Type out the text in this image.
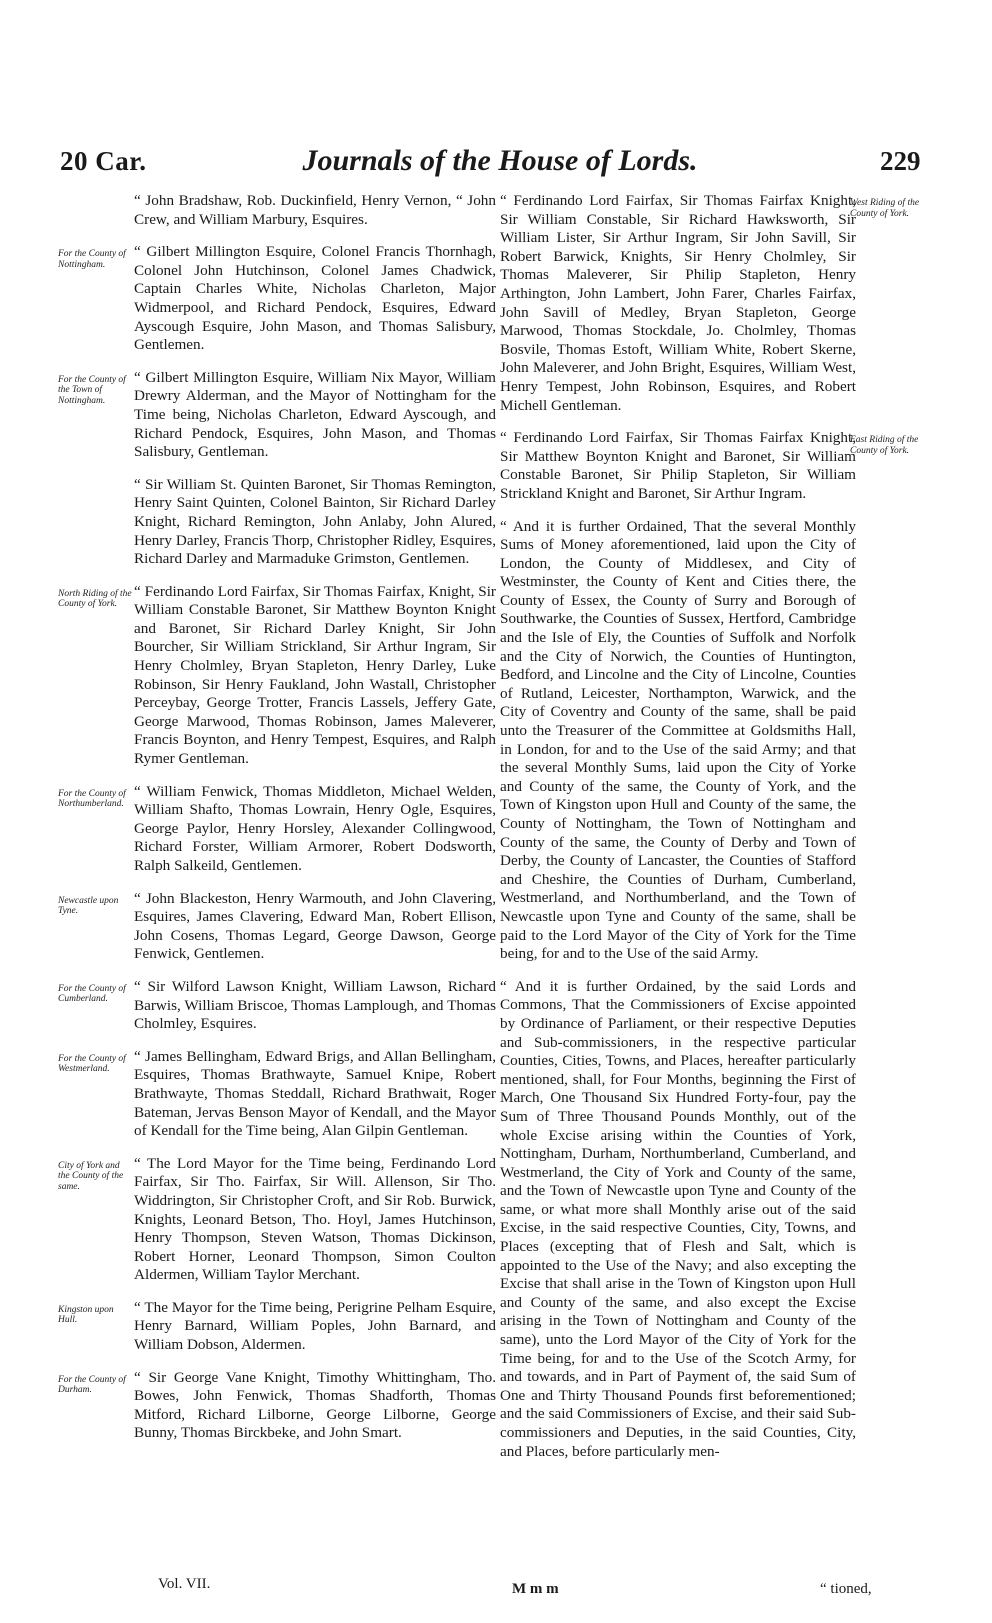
20 Car.	Journals of the House of Lords.	229
“ John Bradshaw, Rob. Duckinfield, Henry Vernon, “ John Crew, and William Marbury, Esquires.
For the County of Nottingham.
“ Gilbert Millington Esquire, Colonel Francis Thornhagh, Colonel John Hutchinson, Colonel James Chadwick, Captain Charles White, Nicholas Charleton, Major Widmerpool, and Richard Pendock, Esquires, Edward Ayscough Esquire, John Mason, and Thomas Salisbury, Gentlemen.
For the County of the Town of Nottingham.
“ Gilbert Millington Esquire, William Nix Mayor, William Drewry Alderman, and the Mayor of Nottingham for the Time being, Nicholas Charleton, Edward Ayscough, and Richard Pendock, Esquires, John Mason, and Thomas Salisbury, Gentleman.
“ Sir William St. Quinten Baronet, Sir Thomas Remington, Henry Saint Quinten, Colonel Bainton, Sir Richard Darley Knight, Richard Remington, John Anlaby, John Alured, Henry Darley, Francis Thorp, Christopher Ridley, Esquires, Richard Darley and Marmaduke Grimston, Gentlemen.
North Riding of the County of York.
“ Ferdinando Lord Fairfax, Sir Thomas Fairfax, Knight, Sir William Constable Baronet, Sir Matthew Boynton Knight and Baronet, Sir Richard Darley Knight, Sir John Bourcher, Sir William Strickland, Sir Arthur Ingram, Sir Henry Cholmley, Bryan Stapleton, Henry Darley, Luke Robinson, Sir Henry Faukland, John Wastall, Christopher Perceybay, George Trotter, Francis Lassels, Jeffery Gate, George Marwood, Thomas Robinson, James Maleverer, Francis Boynton, and Henry Tempest, Esquires, and Ralph Rymer Gentleman.
For the County of Northumberland.
“ William Fenwick, Thomas Middleton, Michael Welden, William Shafto, Thomas Lowrain, Henry Ogle, Esquires, George Paylor, Henry Horsley, Alexander Collingwood, Richard Forster, William Armorer, Robert Dodsworth, Ralph Salkeild, Gentlemen.
Newcastle upon Tyne.
“ John Blackeston, Henry Warmouth, and John Clavering, Esquires, James Clavering, Edward Man, Robert Ellison, John Cosens, Thomas Legard, George Dawson, George Fenwick, Gentlemen.
For the County of Cumberland.
“ Sir Wilford Lawson Knight, William Lawson, Richard Barwis, William Briscoe, Thomas Lamplough, and Thomas Cholmley, Esquires.
For the County of Westmerland.
“ James Bellingham, Edward Brigs, and Allan Bellingham, Esquires, Thomas Brathwayte, Samuel Knipe, Robert Brathwayte, Thomas Steddall, Richard Brathwait, Roger Bateman, Jervas Benson Mayor of Kendall, and the Mayor of Kendall for the Time being, Alan Gilpin Gentleman.
City of York and the County of the same.
“ The Lord Mayor for the Time being, Ferdinando Lord Fairfax, Sir Tho. Fairfax, Sir Will. Allenson, Sir Tho. Widdrington, Sir Christopher Croft, and Sir Rob. Burwick, Knights, Leonard Betson, Tho. Hoyl, James Hutchinson, Henry Thompson, Steven Watson, Thomas Dickinson, Robert Horner, Leonard Thompson, Simon Coulton Aldermen, William Taylor Merchant.
Kingston upon Hull.
“ The Mayor for the Time being, Perigrine Pelham Esquire, Henry Barnard, William Poples, John Barnard, and William Dobson, Aldermen.
For the County of Durham.
“ Sir George Vane Knight, Timothy Whittingham, Tho. Bowes, John Fenwick, Thomas Shadforth, Thomas Mitford, Richard Lilborne, George Lilborne, George Bunny, Thomas Birckbeke, and John Smart.
West Riding of the County of York.
“ Ferdinando Lord Fairfax, Sir Thomas Fairfax Knight, Sir William Constable, Sir Richard Hawksworth, Sir William Lister, Sir Arthur Ingram, Sir John Savill, Sir Robert Barwick, Knights, Sir Henry Cholmley, Sir Thomas Maleverer, Sir Philip Stapleton, Henry Arthington, John Lambert, John Farer, Charles Fairfax, John Savill of Medley, Bryan Stapleton, George Marwood, Thomas Stockdale, Jo. Cholmley, Thomas Bosvile, Thomas Estoft, William White, Robert Skerne, John Maleverer, and John Bright, Esquires, William West, Henry Tempest, John Robinson, Esquires, and Robert Michell Gentleman.
East Riding of the County of York.
“ Ferdinando Lord Fairfax, Sir Thomas Fairfax Knight, Sir Matthew Boynton Knight and Baronet, Sir William Constable Baronet, Sir Philip Stapleton, Sir William Strickland Knight and Baronet, Sir Arthur Ingram.
“ And it is further Ordained, That the several Monthly Sums of Money aforementioned, laid upon the City of London, the County of Middlesex, and City of Westminster, the County of Kent and Cities there, the County of Essex, the County of Surry and Borough of Southwarke, the Counties of Sussex, Hertford, Cambridge and the Isle of Ely, the Counties of Suffolk and Norfolk and the City of Norwich, the Counties of Huntington, Bedford, and Lincolne and the City of Lincolne, Counties of Rutland, Leicester, Northampton, Warwick, and the City of Coventry and County of the same, shall be paid unto the Treasurer of the Committee at Goldsmiths Hall, in London, for and to the Use of the said Army; and that the several Monthly Sums, laid upon the City of Yorke and County of the same, the County of York, and the Town of Kingston upon Hull and County of the same, the County of Nottingham, the Town of Nottingham and County of the same, the County of Derby and Town of Derby, the County of Lancaster, the Counties of Stafford and Cheshire, the Counties of Durham, Cumberland, Westmerland, and Northumberland, and the Town of Newcastle upon Tyne and County of the same, shall be paid to the Lord Mayor of the City of York for the Time being, for and to the Use of the said Army.
“ And it is further Ordained, by the said Lords and Commons, That the Commissioners of Excise appointed by Ordinance of Parliament, or their respective Deputies and Sub-commissioners, in the respective particular Counties, Cities, Towns, and Places, hereafter particularly mentioned, shall, for Four Months, beginning the First of March, One Thousand Six Hundred Forty-four, pay the Sum of Three Thousand Pounds Monthly, out of the whole Excise arising within the Counties of York, Nottingham, Durham, Northumberland, Cumberland, and Westmerland, the City of York and County of the same, and the Town of Newcastle upon Tyne and County of the same, or what more shall Monthly arise out of the said Excise, in the said respective Counties, City, Towns, and Places (excepting that of Flesh and Salt, which is appointed to the Use of the Navy; and also excepting the Excise that shall arise in the Town of Kingston upon Hull and County of the same, and also except the Excise arising in the Town of Nottingham and County of the same), unto the Lord Mayor of the City of York for the Time being, for and to the Use of the Scotch Army, for and towards, and in Part of Payment of, the said Sum of One and Thirty Thousand Pounds first beforementioned; and the said Commissioners of Excise, and their said Sub-commissioners and Deputies, in the said Counties, City, and Places, before particularly men-
Vol. VII.	M m m	“ tioned,
